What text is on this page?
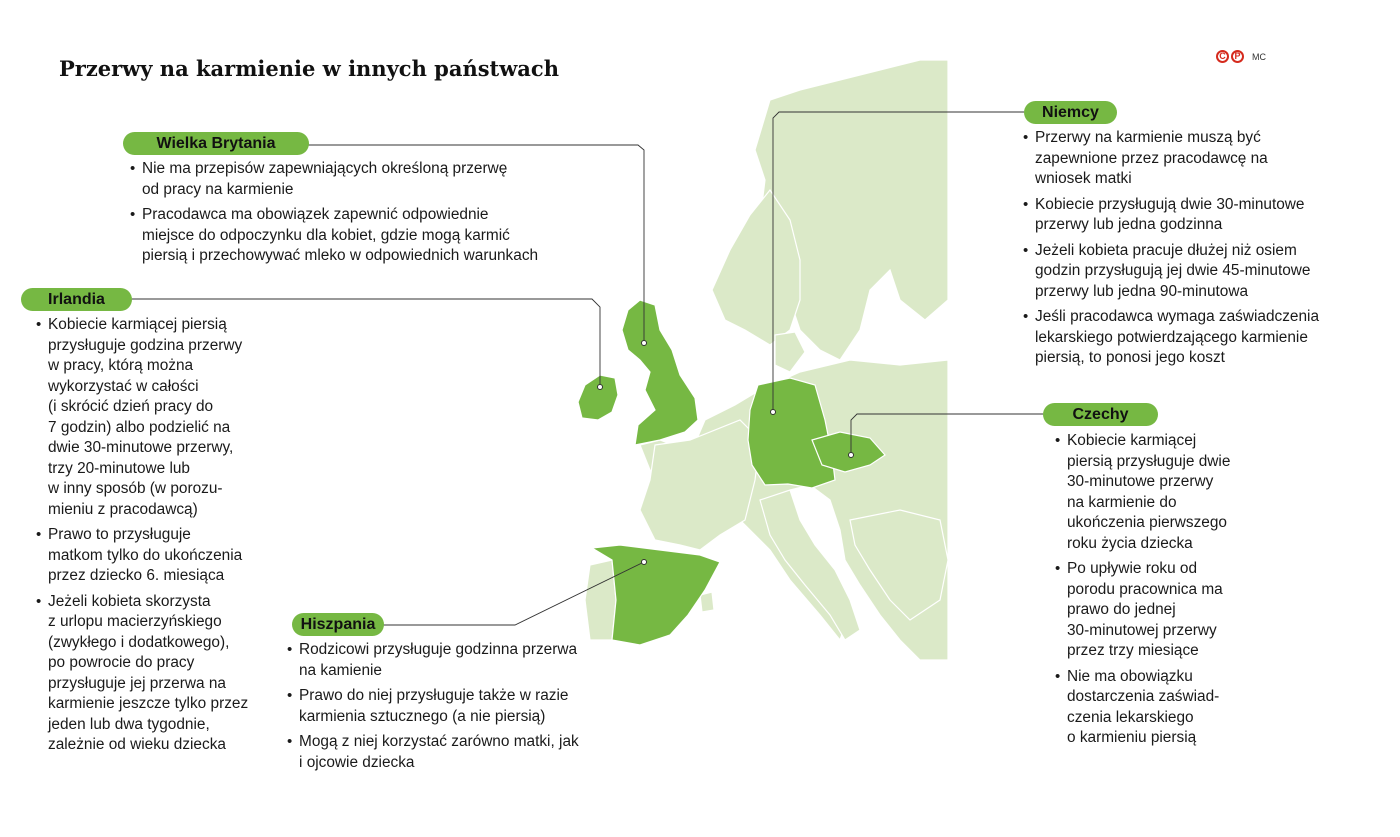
Przerwy na karmienie w innych państwach	C P	MC
Wielka Brytania
• Nie ma przepisów zapewniających określoną przerwę
od pracy na karmienie
• Pracodawca ma obowiązek zapewnić odpowiednie
miejsce do odpoczynku dla kobiet, gdzie mogą karmić
piersią i przechowywać mleko w odpowiednich warunkach
Irlandia
• Kobiecie karmiącej piersią
przysługuje godzina przerwy
w pracy, którą można
wykorzystać w całości
(i skrócić dzień pracy do
7 godzin) albo podzielić na
dwie 30-minutowe przerwy,
trzy 20-minutowe lub
w inny sposób (w porozu-
mieniu z pracodawcą)
• Prawo to przysługuje
matkom tylko do ukończenia
przez dziecko 6. miesiąca
• Jeżeli kobieta skorzysta
z urlopu macierzyńskiego
(zwykłego i dodatkowego),
po powrocie do pracy
przysługuje jej przerwa na
karmienie jeszcze tylko przez
jeden lub dwa tygodnie,
zależnie od wieku dziecka
Hiszpania
• Rodzicowi przysługuje godzinna przerwa
na kamienie
• Prawo do niej przysługuje także w razie
karmienia sztucznego (a nie piersią)
• Mogą z niej korzystać zarówno matki, jak
i ojcowie dziecka
Niemcy
• Przerwy na karmienie muszą być
zapewnione przez pracodawcę na
wniosek matki
• Kobiecie przysługują dwie 30-minutowe
przerwy lub jedna godzinna
• Jeżeli kobieta pracuje dłużej niż osiem
godzin przysługują jej dwie 45-minutowe
przerwy lub jedna 90-minutowa
• Jeśli pracodawca wymaga zaświadczenia
lekarskiego potwierdzającego karmienie
piersią, to ponosi jego koszt
Czechy
• Kobiecie karmiącej
piersią przysługuje dwie
30-minutowe przerwy
na karmienie do
ukończenia pierwszego
roku życia dziecka
• Po upływie roku od
porodu pracownica ma
prawo do jednej
30-minutowej przerwy
przez trzy miesiące
• Nie ma obowiązku
dostarczenia zaświad-
czenia lekarskiego
o karmieniu piersią
